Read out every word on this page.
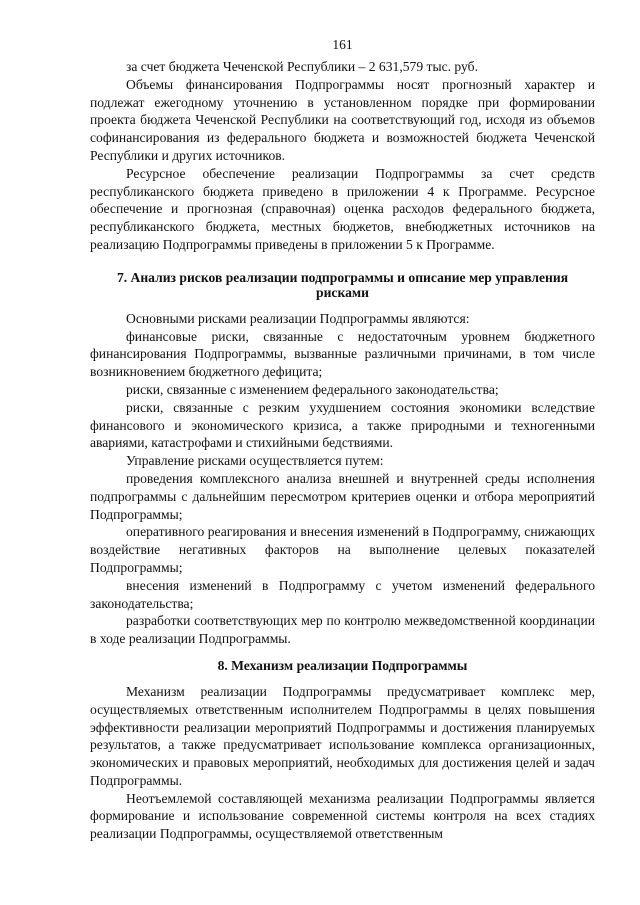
161

за счет бюджета Чеченской Республики – 2 631,579 тыс. руб.

Объемы финансирования Подпрограммы носят прогнозный характер и подлежат ежегодному уточнению в установленном порядке при формировании проекта бюджета Чеченской Республики на соответствующий год, исходя из объемов софинансирования из федерального бюджета и возможностей бюджета Чеченской Республики и других источников.

Ресурсное обеспечение реализации Подпрограммы за счет средств республиканского бюджета приведено в приложении 4 к Программе. Ресурсное обеспечение и прогнозная (справочная) оценка расходов федерального бюджета, республиканского бюджета, местных бюджетов, внебюджетных источников на реализацию Подпрограммы приведены в приложении 5 к Программе.

7. Анализ рисков реализации подпрограммы и описание мер управления рисками

Основными рисками реализации Подпрограммы являются:

финансовые риски, связанные с недостаточным уровнем бюджетного финансирования Подпрограммы, вызванные различными причинами, в том числе возникновением бюджетного дефицита;

риски, связанные с изменением федерального законодательства;

риски, связанные с резким ухудшением состояния экономики вследствие финансового и экономического кризиса, а также природными и техногенными авариями, катастрофами и стихийными бедствиями.

Управление рисками осуществляется путем:

проведения комплексного анализа внешней и внутренней среды исполнения подпрограммы с дальнейшим пересмотром критериев оценки и отбора мероприятий Подпрограммы;

оперативного реагирования и внесения изменений в Подпрограмму, снижающих воздействие негативных факторов на выполнение целевых показателей Подпрограммы;

внесения изменений в Подпрограмму с учетом изменений федерального законодательства;

разработки соответствующих мер по контролю межведомственной координации в ходе реализации Подпрограммы.

8. Механизм реализации Подпрограммы

Механизм реализации Подпрограммы предусматривает комплекс мер, осуществляемых ответственным исполнителем Подпрограммы в целях повышения эффективности реализации мероприятий Подпрограммы и достижения планируемых результатов, а также предусматривает использование комплекса организационных, экономических и правовых мероприятий, необходимых для достижения целей и задач Подпрограммы.

Неотъемлемой составляющей механизма реализации Подпрограммы является формирование и использование современной системы контроля на всех стадиях реализации Подпрограммы, осуществляемой ответственным
